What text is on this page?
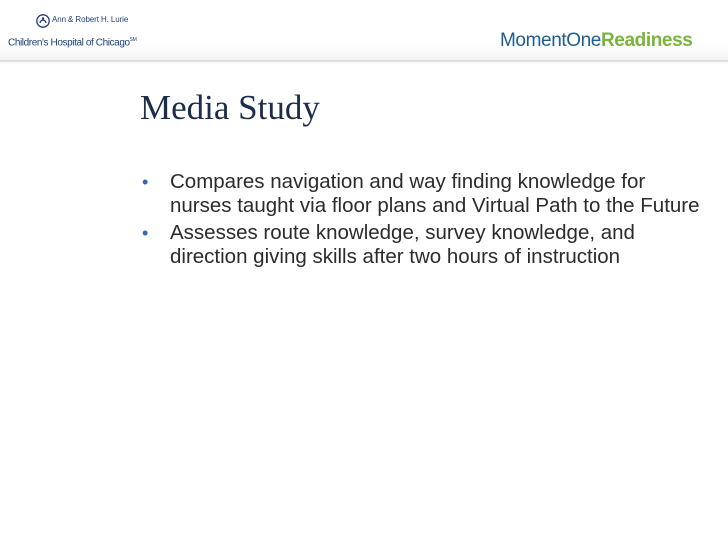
Ann & Robert H. Lurie
Children's Hospital of Chicago℠	MomentOneReadiness
Media Study
• Compares navigation and way finding knowledge for nurses taught via floor plans and Virtual Path to the Future
• Assesses route knowledge, survey knowledge, and direction giving skills after two hours of instruction
